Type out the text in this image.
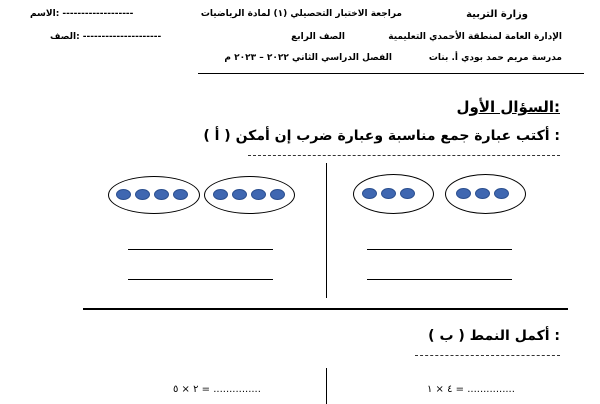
وزارة التربية
الإدارة العامة لمنطقة الأحمدي التعليمية
مدرسة مريم حمد بودي أ. بنات
مراجعة الاختبار التحصيلي (١) لمادة الرياضيات
الصف الرابع
الفصل الدراسي الثاني ٢٠٢٢ – ٢٠٢٣ م
الاسم: -------------------
الصف: ---------------------
السؤال الأول:
( أ ) أكتب عبارة جمع مناسبة وعبارة ضرب إن أمكن :
( ب ) أكمل النمط :
٤ × ١ = ...............
٢ × ٥ = ...............
